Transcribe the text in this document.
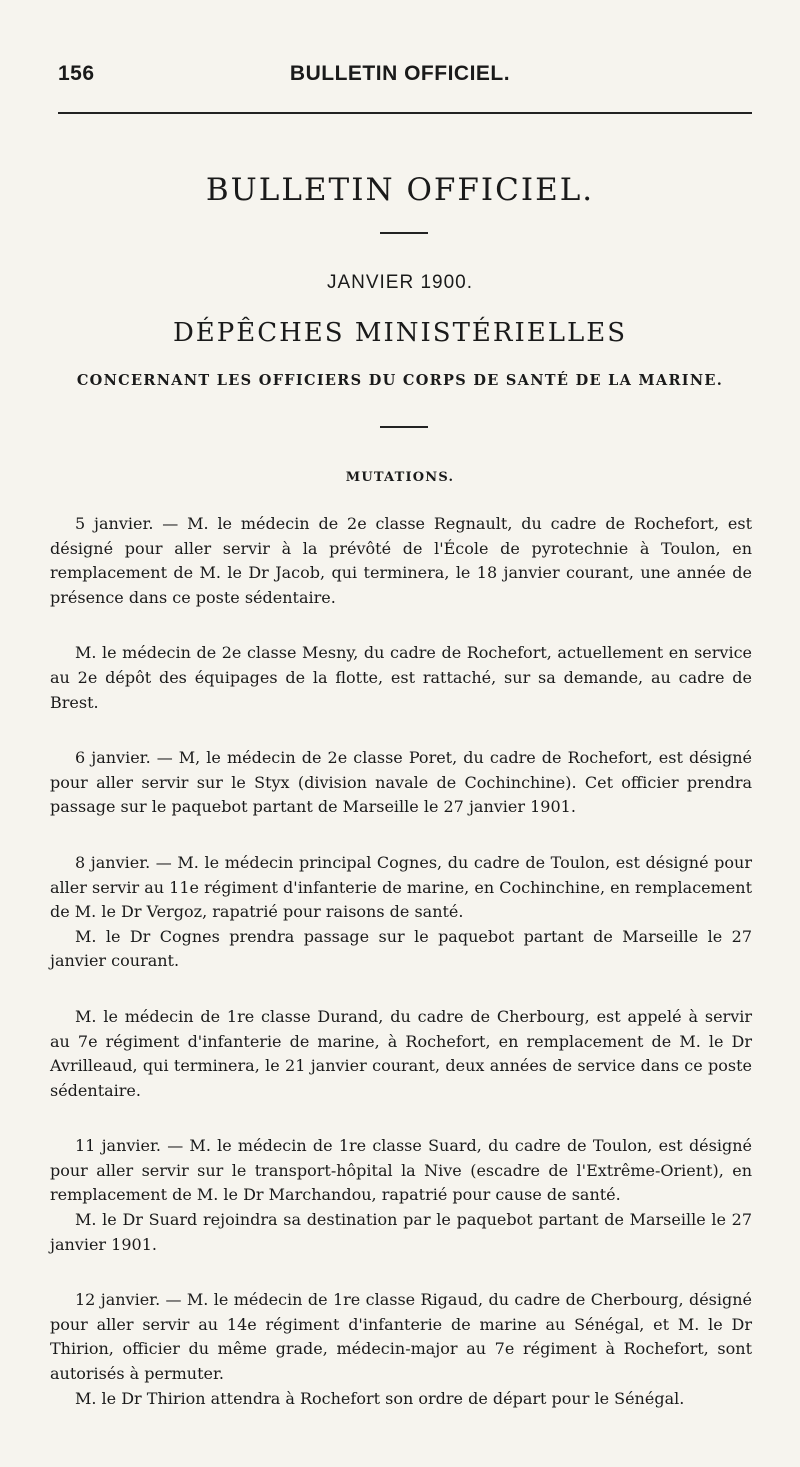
156	BULLETIN OFFICIEL.
BULLETIN OFFICIEL.
JANVIER 1900.
DÉPÊCHES MINISTÉRIELLES
CONCERNANT LES OFFICIERS DU CORPS DE SANTÉ DE LA MARINE.
MUTATIONS.

5 janvier. — M. le médecin de 2e classe Regnault, du cadre de Rochefort, est désigné pour aller servir à la prévôté de l'École de pyrotechnie à Toulon, en remplacement de M. le Dr Jacob, qui terminera, le 18 janvier courant, une année de présence dans ce poste sédentaire.

M. le médecin de 2e classe Mesny, du cadre de Rochefort, actuellement en service au 2e dépôt des équipages de la flotte, est rattaché, sur sa demande, au cadre de Brest.

6 janvier. — M, le médecin de 2e classe Poret, du cadre de Rochefort, est désigné pour aller servir sur le Styx (division navale de Cochinchine). Cet officier prendra passage sur le paquebot partant de Marseille le 27 janvier 1901.

8 janvier. — M. le médecin principal Cognes, du cadre de Toulon, est désigné pour aller servir au 11e régiment d'infanterie de marine, en Cochinchine, en remplacement de M. le Dr Vergoz, rapatrié pour raisons de santé.

M. le Dr Cognes prendra passage sur le paquebot partant de Marseille le 27 janvier courant.

M. le médecin de 1re classe Durand, du cadre de Cherbourg, est appelé à servir au 7e régiment d'infanterie de marine, à Rochefort, en remplacement de M. le Dr Avrilleaud, qui terminera, le 21 janvier courant, deux années de service dans ce poste sédentaire.

11 janvier. — M. le médecin de 1re classe Suard, du cadre de Toulon, est désigné pour aller servir sur le transport-hôpital la Nive (escadre de l'Extrême-Orient), en remplacement de M. le Dr Marchandou, rapatrié pour cause de santé.

M. le Dr Suard rejoindra sa destination par le paquebot partant de Marseille le 27 janvier 1901.

12 janvier. — M. le médecin de 1re classe Rigaud, du cadre de Cherbourg, désigné pour aller servir au 14e régiment d'infanterie de marine au Sénégal, et M. le Dr Thirion, officier du même grade, médecin-major au 7e régiment à Rochefort, sont autorisés à permuter.

M. le Dr Thirion attendra à Rochefort son ordre de départ pour le Sénégal.
